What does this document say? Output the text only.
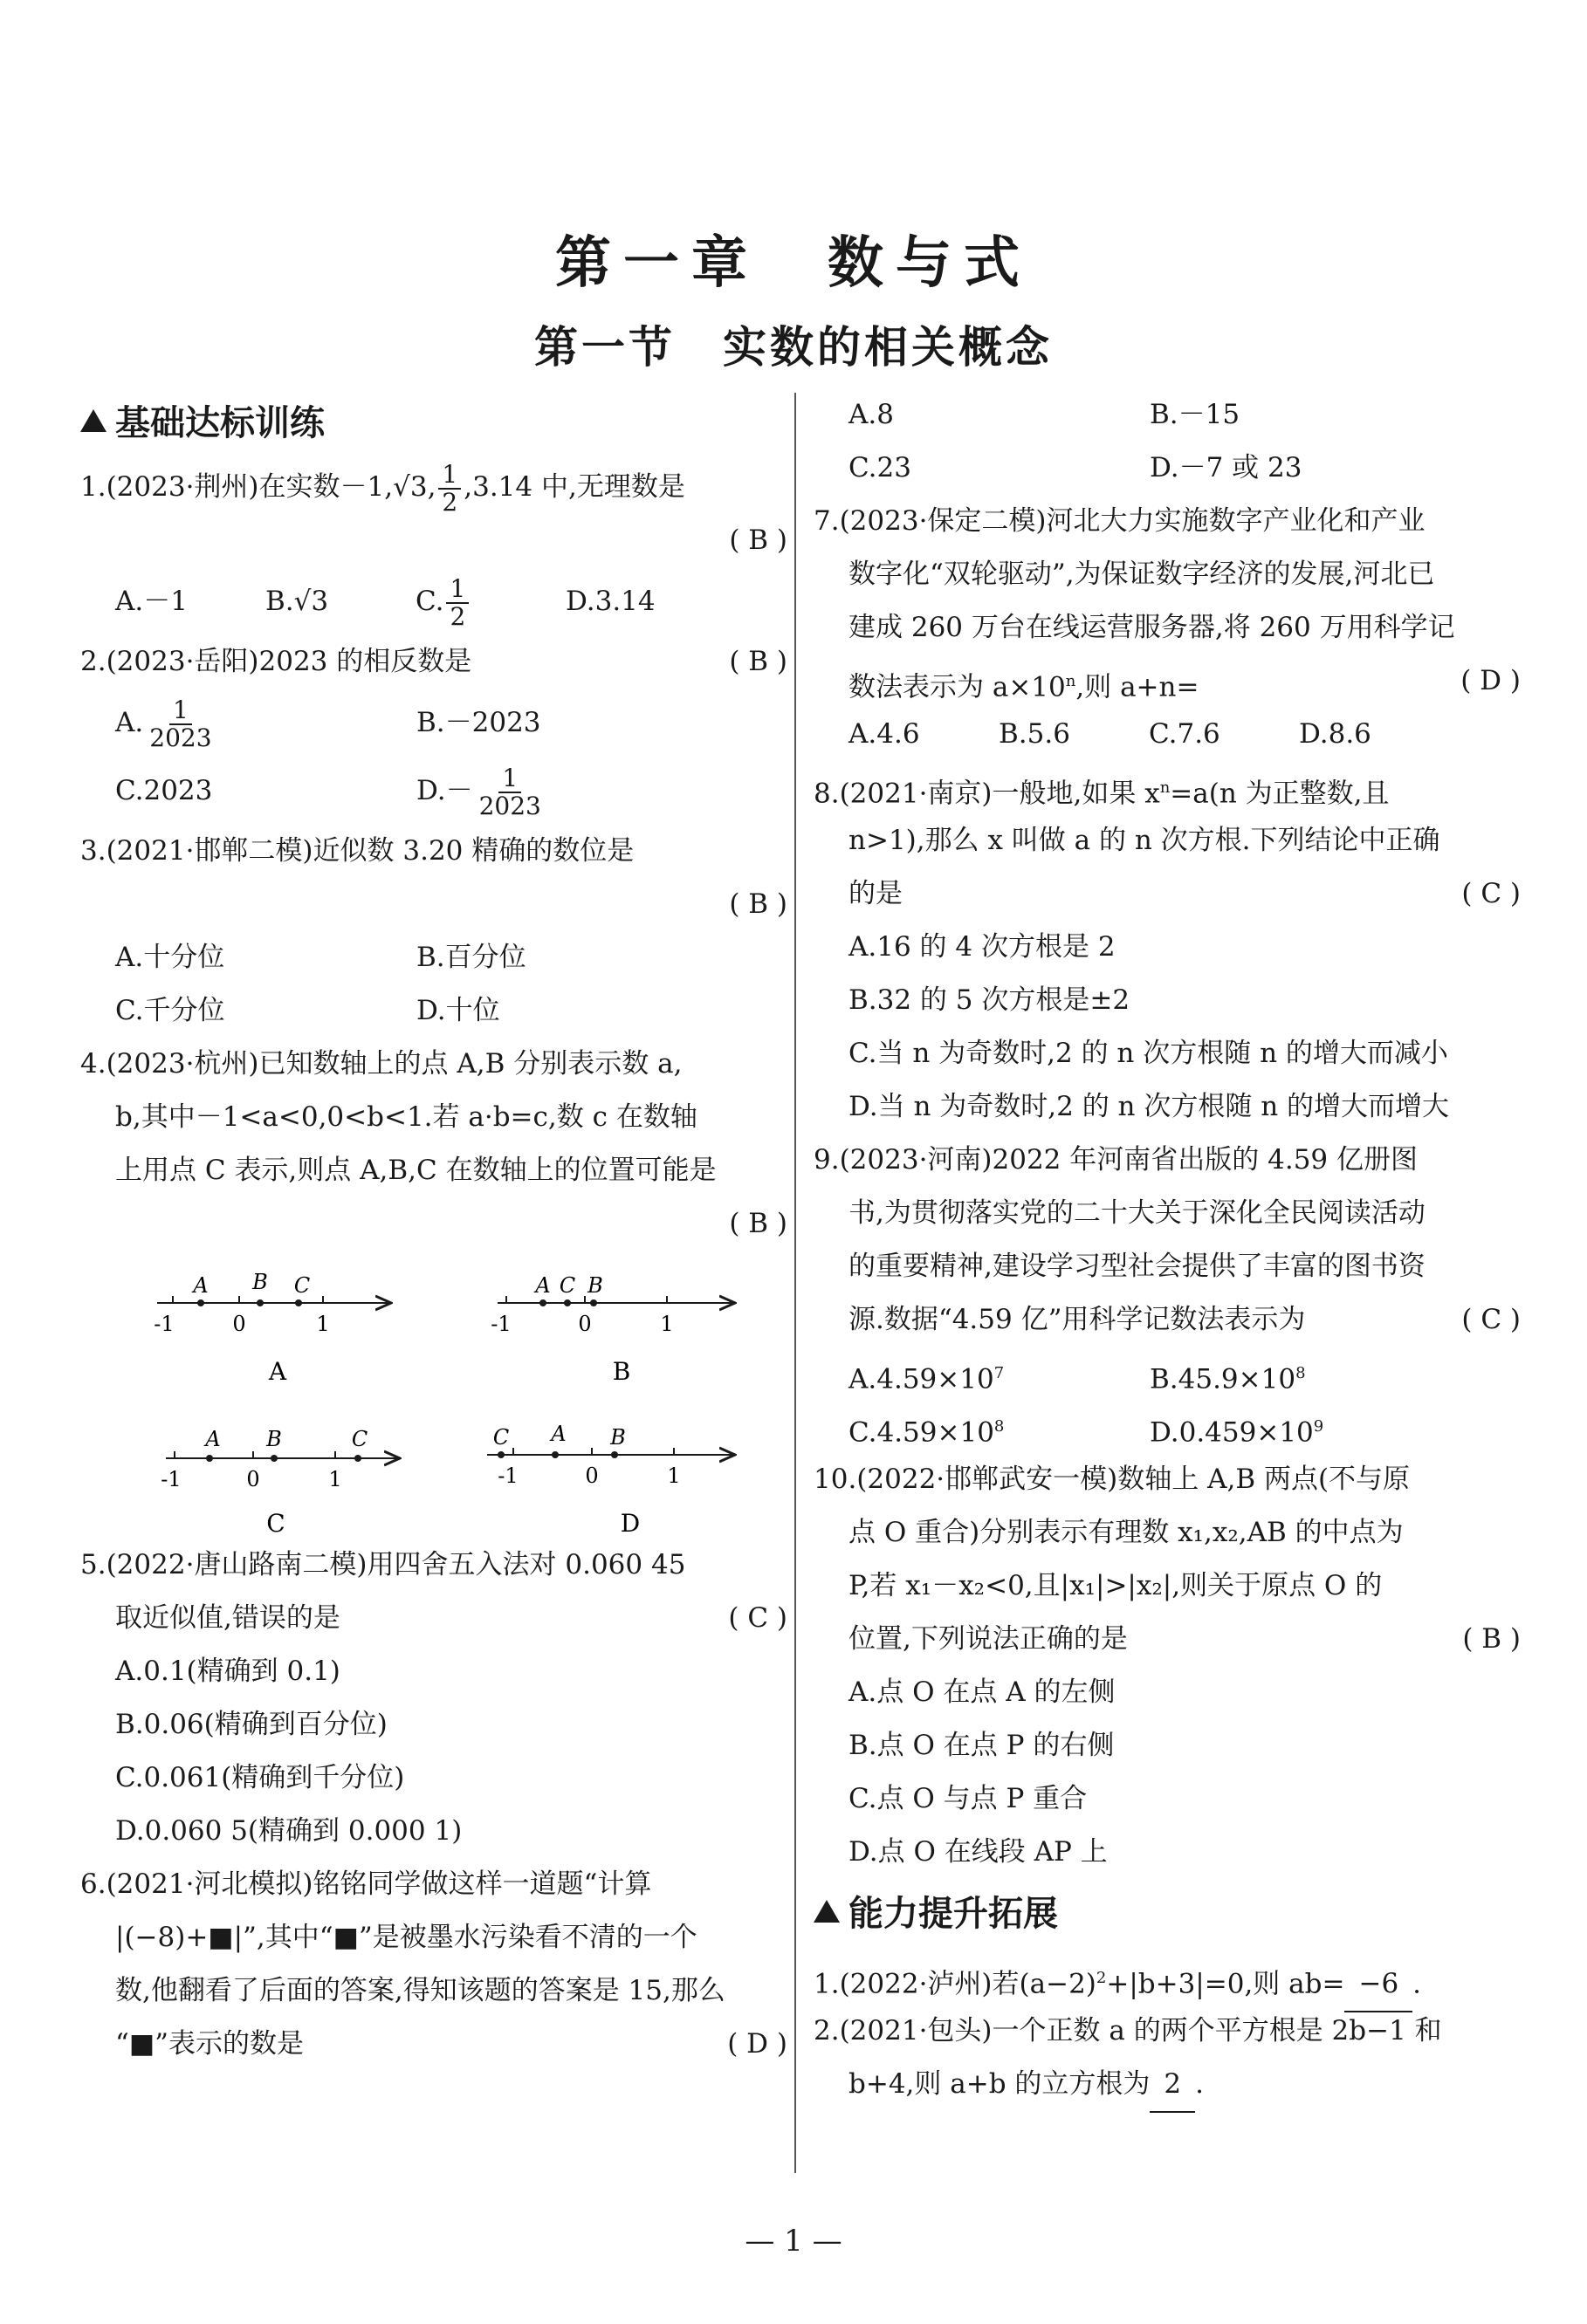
第一章　数与式
第一节　实数的相关概念
基础达标训练
1.(2023·荆州)在实数－1,√3, $\frac{1}{2} ,3.14$ 中,无理数是
( B )
A.－1	B.√3	C. $\frac{1}{2}$	D.3.14
2.(2023·岳阳)2023 的相反数是	( B )
A. $\frac{1}{2023}$	B.－2023
C.2023	$D.- \frac{1}{2023}$
3.(2021·邯郸二模)近似数 3.20 精确的数位是
( B )
A.十分位	B.百分位
C.千分位	D.十位
4.(2023·杭州)已知数轴上的点 A,B 分别表示数 a,
b,其中－1<a<0,0<b<1.若 a·b=c,数 c 在数轴
上用点 C 表示,则点 A,B,C 在数轴上的位置可能是
( B )
A B C
-1	0	1
A
A C B
-1	0	1
B
A B	C
-1	0	1
C
C A B
-1	0	1
D
5.(2022·唐山路南二模)用四舍五入法对 0.060 45
取近似值,错误的是	( C )
A.0.1(精确到 0.1)
B.0.06(精确到百分位)
C.0.061(精确到千分位)
D.0.060 5(精确到 0.000 1)
6.(2021·河北模拟)铭铭同学做这样一道题“计算
|(−8)+■|”,其中“■”是被墨水污染看不清的一个
数,他翻看了后面的答案,得知该题的答案是 15,那么
“■”表示的数是	( D )
A.8	B.－15
C.23	D.－7 或 23
7.(2023·保定二模)河北大力实施数字产业化和产业
数字化“双轮驱动”,为保证数字经济的发展,河北已
建成 260 万台在线运营服务器,将 260 万用科学记
数法表示为 $a\times 10^n$,则 a+n=	( D )
A.4.6	B.5.6	C.7.6	D.8.6
8.(2021·南京)一般地,如果 $x^n=a(n$ 为正整数,且
n>1),那么 x 叫做 a 的 n 次方根.下列结论中正确
的是	( C )
A.16 的 4 次方根是 2
B.32 的 5 次方根是±2
C.当 n 为奇数时,2 的 n 次方根随 n 的增大而减小
D.当 n 为奇数时,2 的 n 次方根随 n 的增大而增大
9.(2023·河南)2022 年河南省出版的 4.59 亿册图
书,为贯彻落实党的二十大关于深化全民阅读活动
的重要精神,建设学习型社会提供了丰富的图书资
源.数据“4.59 亿”用科学记数法表示为	( C )
$A.4.59\times 10^7$	$B.45.9\times 10^8$
$C.4.59\times 10^8$	$D.0.459\times 10^9$
10.(2022·邯郸武安一模)数轴上 A,B 两点(不与原
点 O 重合)分别表示有理数 x₁,x₂,AB 的中点为
P,若 x₁－x₂<0,且|x₁|>|x₂|,则关于原点 O 的
位置,下列说法正确的是	( B )
A.点 O 在点 A 的左侧
B.点 O 在点 P 的右侧
C.点 O 与点 P 重合
D.点 O 在线段 AP 上
能力提升拓展
1.(2022·泸州)若$(a-2)^2+|b+3|=0$,则 ab= −6 .
2.(2021·包头)一个正数 a 的两个平方根是 2b−1 和
b+4,则 a+b 的立方根为 2 .
— 1 —
